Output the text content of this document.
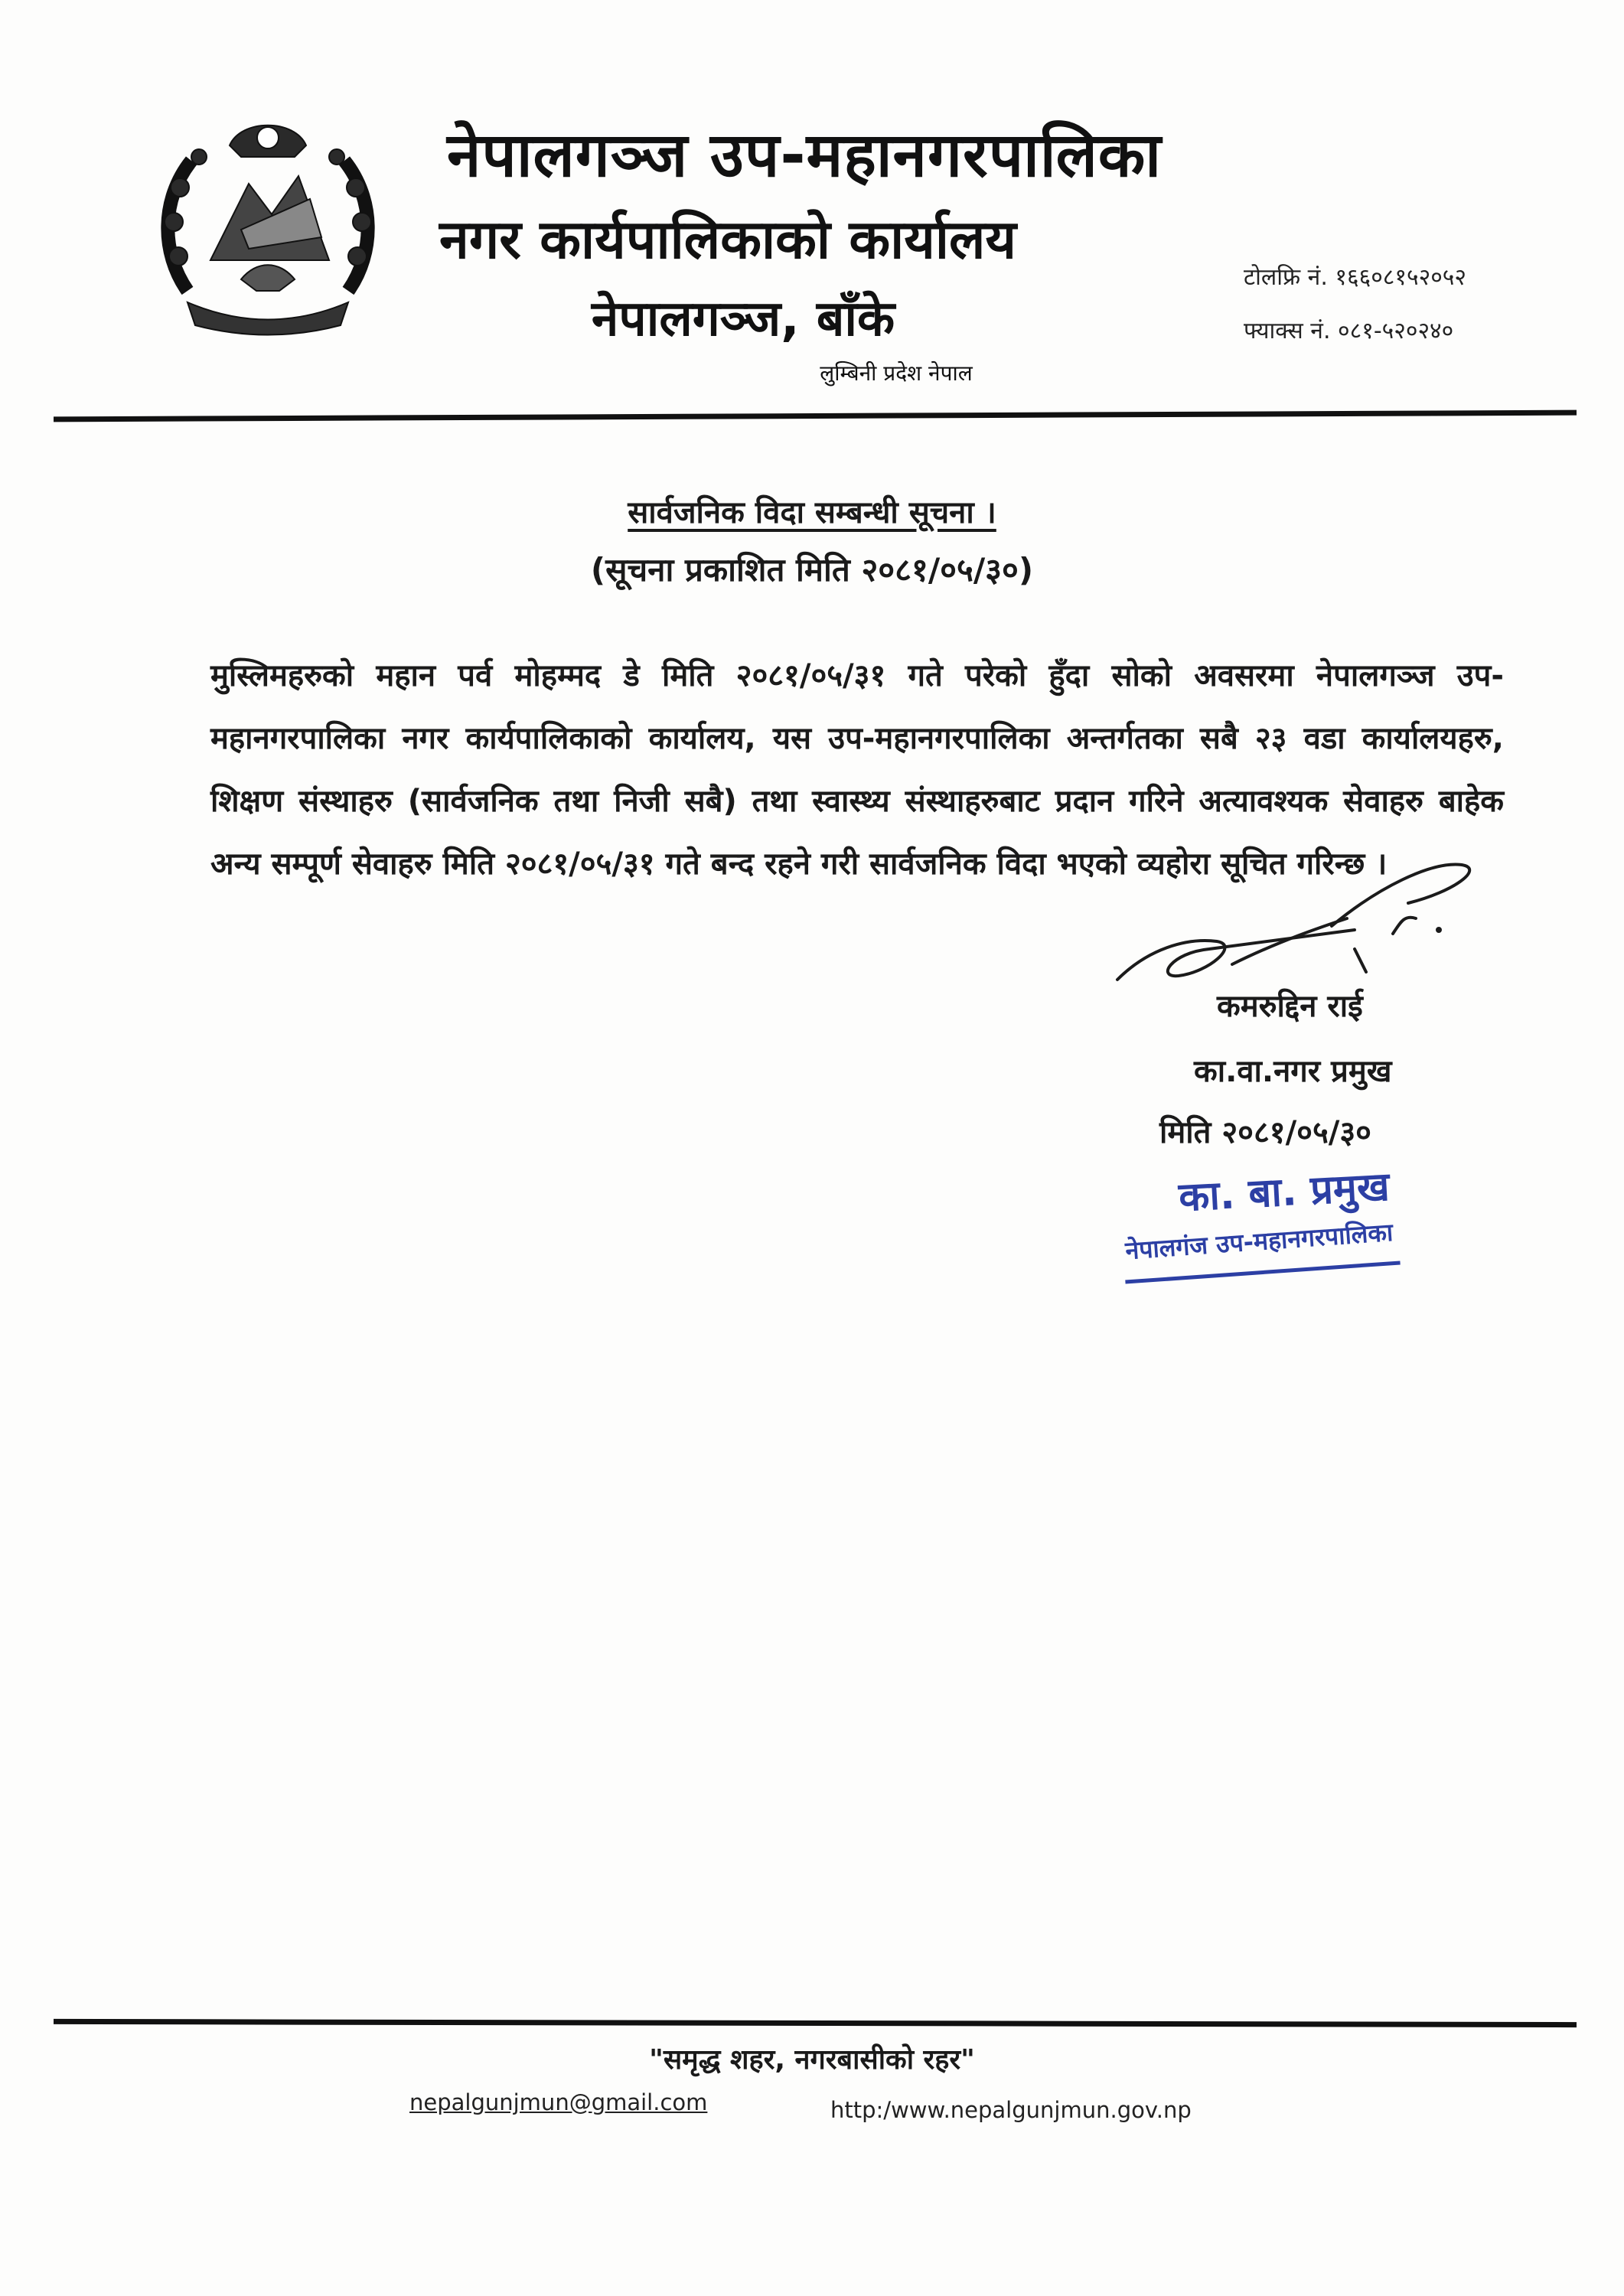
नेपालगञ्ज उप-महानगरपालिका
नगर कार्यपालिकाको कार्यालय
नेपालगञ्ज, बाँके
लुम्बिनी प्रदेश नेपाल
टोलफ्रि नं. १६६०८१५२०५२
फ्याक्स नं. ०८१-५२०२४०
सार्वजनिक विदा सम्बन्धी सूचना ।
(सूचना प्रकाशित मिति २०८१/०५/३०)
मुस्लिमहरुको महान पर्व मोहम्मद डे मिति २०८१/०५/३१ गते परेको हुँदा सोको अवसरमा नेपालगञ्ज उप-महानगरपालिका नगर कार्यपालिकाको कार्यालय, यस उप-महानगरपालिका अन्तर्गतका सबै २३ वडा कार्यालयहरु, शिक्षण संस्थाहरु (सार्वजनिक तथा निजी सबै) तथा स्वास्थ्य संस्थाहरुबाट प्रदान गरिने अत्यावश्यक सेवाहरु बाहेक अन्य सम्पूर्ण सेवाहरु मिति २०८१/०५/३१ गते बन्द रहने गरी सार्वजनिक विदा भएको व्यहोरा सूचित गरिन्छ ।
कमरुद्दिन राई
का.वा.नगर प्रमुख
मिति २०८१/०५/३०
का. बा. प्रमुख
नेपालगंज उप-महानगरपालिका
"समृद्ध शहर, नगरबासीको रहर"
nepalgunjmun@gmail.com	http:/www.nepalgunjmun.gov.np
